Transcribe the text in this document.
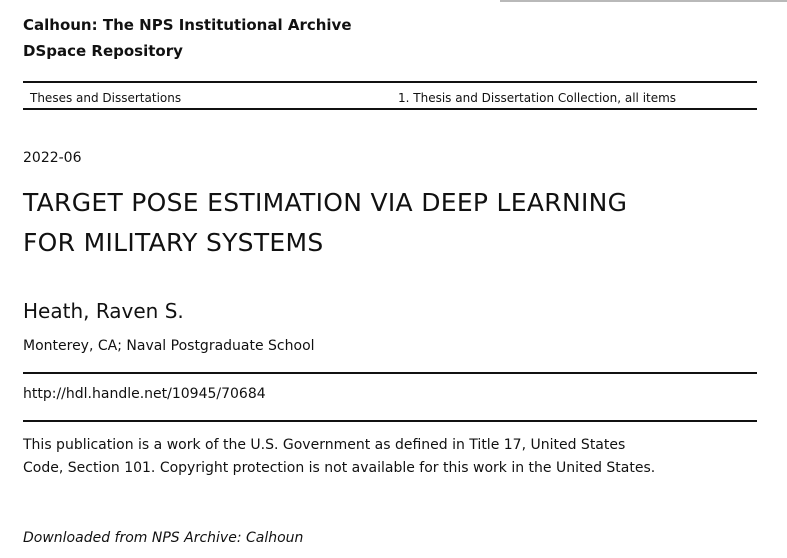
Calhoun: The NPS Institutional Archive
DSpace Repository
Theses and Dissertations	1. Thesis and Dissertation Collection, all items
2022-06
TARGET POSE ESTIMATION VIA DEEP LEARNING FOR MILITARY SYSTEMS
Heath, Raven S.
Monterey, CA; Naval Postgraduate School
http://hdl.handle.net/10945/70684
This publication is a work of the U.S. Government as defined in Title 17, United States Code, Section 101. Copyright protection is not available for this work in the United States.
Downloaded from NPS Archive: Calhoun
